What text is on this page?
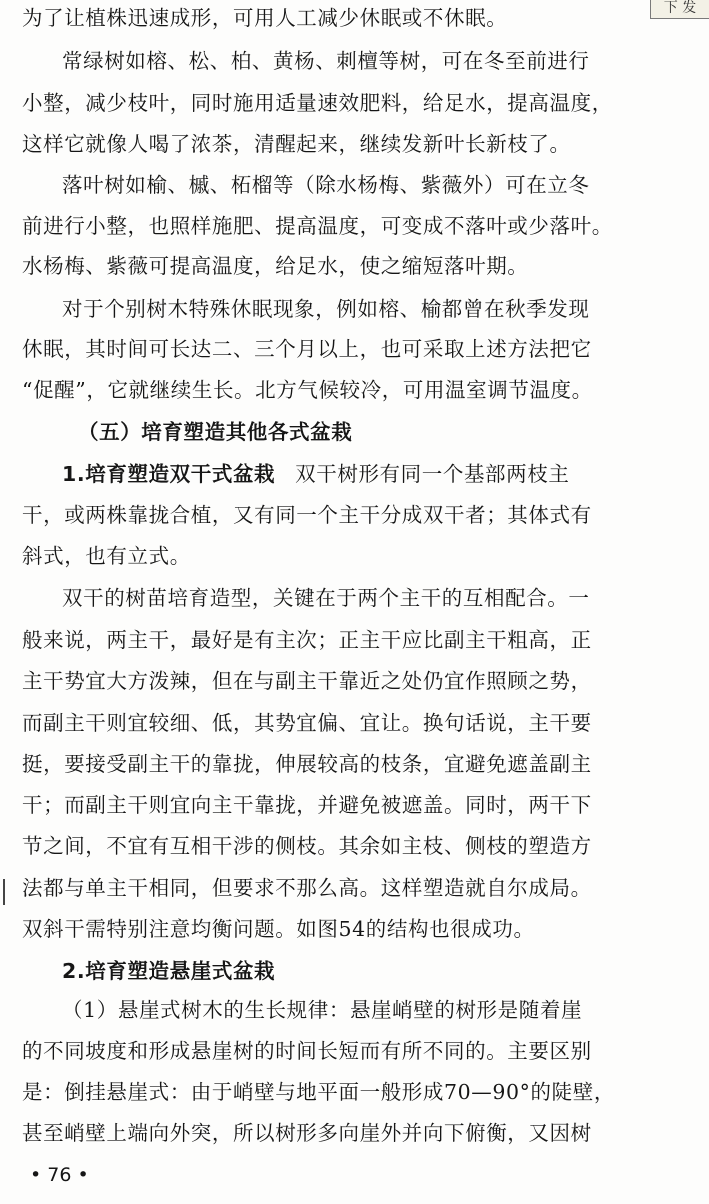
下 发
为了让植株迅速成形，可用人工减少休眠或不休眠。
常绿树如榕、松、柏、黄杨、刺檀等树，可在冬至前进行
小整，减少枝叶，同时施用适量速效肥料，给足水，提高温度，
这样它就像人喝了浓茶，清醒起来，继续发新叶长新枝了。
落叶树如榆、槭、柘榴等（除水杨梅、紫薇外）可在立冬
前进行小整，也照样施肥、提高温度，可变成不落叶或少落叶。
水杨梅、紫薇可提高温度，给足水，使之缩短落叶期。
对于个别树木特殊休眠现象，例如榕、榆都曾在秋季发现
休眠，其时间可长达二、三个月以上，也可采取上述方法把它
“促醒”，它就继续生长。北方气候较冷，可用温室调节温度。
（五）培育塑造其他各式盆栽
1.培育塑造双干式盆栽 双干树形有同一个基部两枝主
干，或两株靠拢合植，又有同一个主干分成双干者；其体式有
斜式，也有立式。
双干的树苗培育造型，关键在于两个主干的互相配合。一
般来说，两主干，最好是有主次；正主干应比副主干粗高，正
主干势宜大方泼辣，但在与副主干靠近之处仍宜作照顾之势，
而副主干则宜较细、低，其势宜偏、宜让。换句话说，主干要
挺，要接受副主干的靠拢，伸展较高的枝条，宜避免遮盖副主
干；而副主干则宜向主干靠拢，并避免被遮盖。同时，两干下
节之间，不宜有互相干涉的侧枝。其余如主枝、侧枝的塑造方
法都与单主干相同，但要求不那么高。这样塑造就自尔成局。
双斜干需特别注意均衡问题。如图54的结构也很成功。
2.培育塑造悬崖式盆栽
（1）悬崖式树木的生长规律：悬崖峭壁的树形是随着崖
的不同坡度和形成悬崖树的时间长短而有所不同的。主要区别
是：倒挂悬崖式：由于峭壁与地平面一般形成70—90°的陡壁，
甚至峭壁上端向外突，所以树形多向崖外并向下俯衡，又因树
• 76 •
